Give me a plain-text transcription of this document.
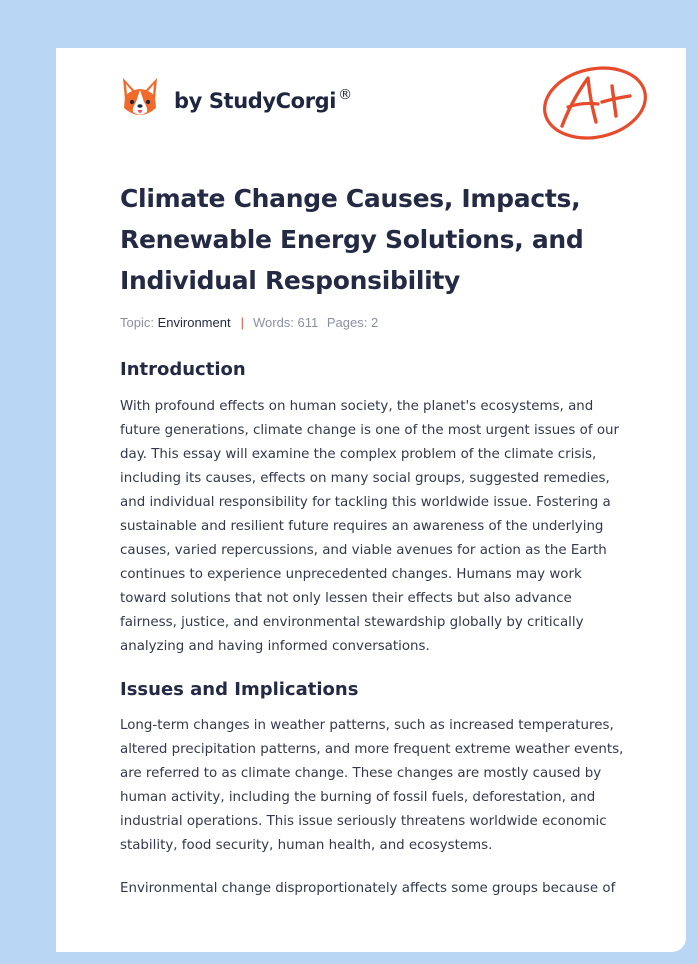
by StudyCorgi ®
Climate Change Causes, Impacts, Renewable Energy Solutions, and Individual Responsibility
Topic: Environment | Words: 611 Pages: 2
Introduction

With profound effects on human society, the planet's ecosystems, and future generations, climate change is one of the most urgent issues of our day. This essay will examine the complex problem of the climate crisis, including its causes, effects on many social groups, suggested remedies, and individual responsibility for tackling this worldwide issue. Fostering a sustainable and resilient future requires an awareness of the underlying causes, varied repercussions, and viable avenues for action as the Earth continues to experience unprecedented changes. Humans may work toward solutions that not only lessen their effects but also advance fairness, justice, and environmental stewardship globally by critically analyzing and having informed conversations.

Issues and Implications

Long-term changes in weather patterns, such as increased temperatures, altered precipitation patterns, and more frequent extreme weather events, are referred to as climate change. These changes are mostly caused by human activity, including the burning of fossil fuels, deforestation, and industrial operations. This issue seriously threatens worldwide economic stability, food security, human health, and ecosystems.

Environmental change disproportionately affects some groups because of
